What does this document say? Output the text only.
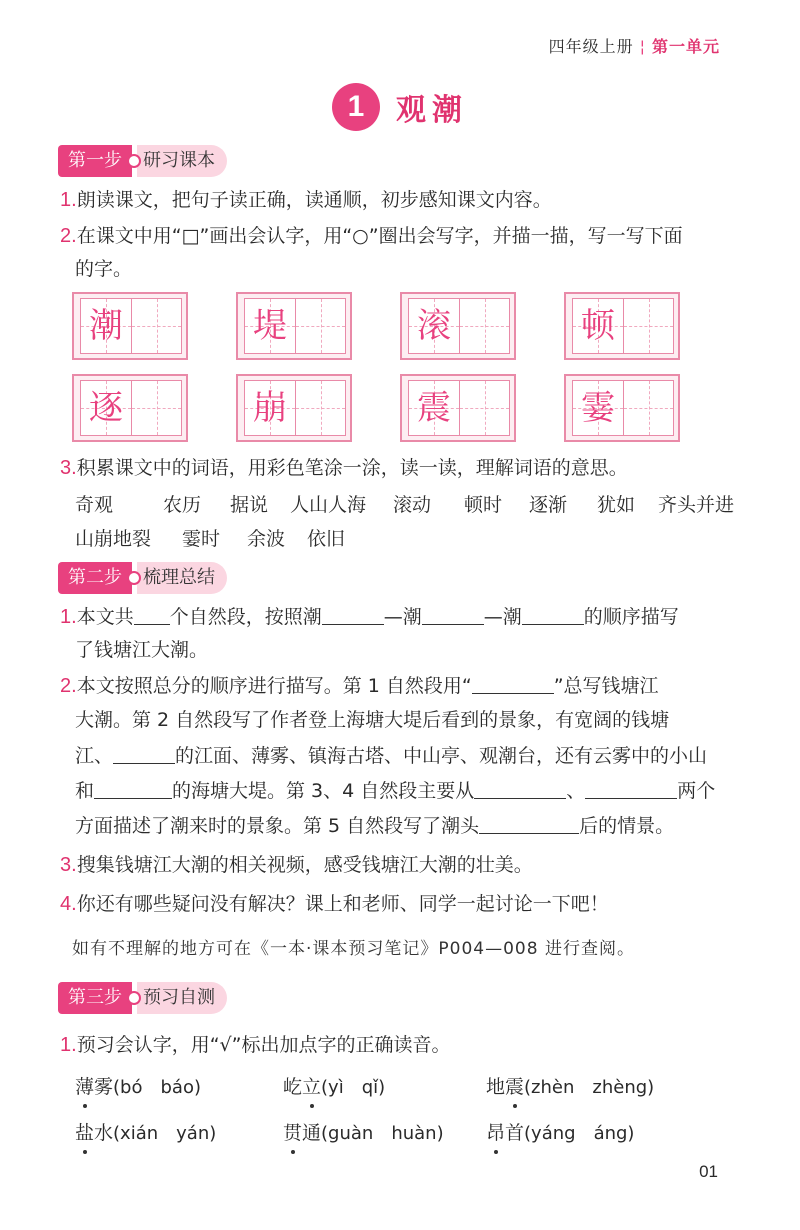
四年级上册 ¦ 第一单元
1 观潮
第一步 研习课本
1.朗读课文，把句子读正确，读通顺，初步感知课文内容。
2.在课文中用“□”画出会认字，用“○”圈出会写字，并描一描，写一写下面
的字。
潮	堤	滚	顿
逐	崩	震	霎
3.积累课文中的词语，用彩色笔涂一涂，读一读，理解词语的意思。
奇观	农历 据说 人山人海 滚动 顿时 逐渐 犹如 齐头并进
山崩地裂 霎时 余波 依旧
第二步 梳理总结
1.本文共 个自然段，按照潮	—潮	—潮	的顺序描写
了钱塘江大潮。
2.本文按照总分的顺序进行描写。第 1 自然段用“	”总写钱塘江
大潮。第 2 自然段写了作者登上海塘大堤后看到的景象，有宽阔的钱塘
江、	的江面、薄雾、镇海古塔、中山亭、观潮台，还有云雾中的小山
和	的海塘大堤。第 3、4 自然段主要从	、	两个
方面描述了潮来时的景象。第 5 自然段写了潮头	后的情景。
3.搜集钱塘江大潮的相关视频，感受钱塘江大潮的壮美。
4.你还有哪些疑问没有解决？课上和老师、同学一起讨论一下吧！
如有不理解的地方可在《一本·课本预习笔记》P004—008 进行查阅。
第三步 预习自测
1.预习会认字，用“√”标出加点字的正确读音。
薄雾(bó　báo)	屹立(yì　qǐ)	地震(zhèn　zhèng)
盐水(xián　yán)	贯通(guàn　huàn) 昂首(yáng　áng)
01
